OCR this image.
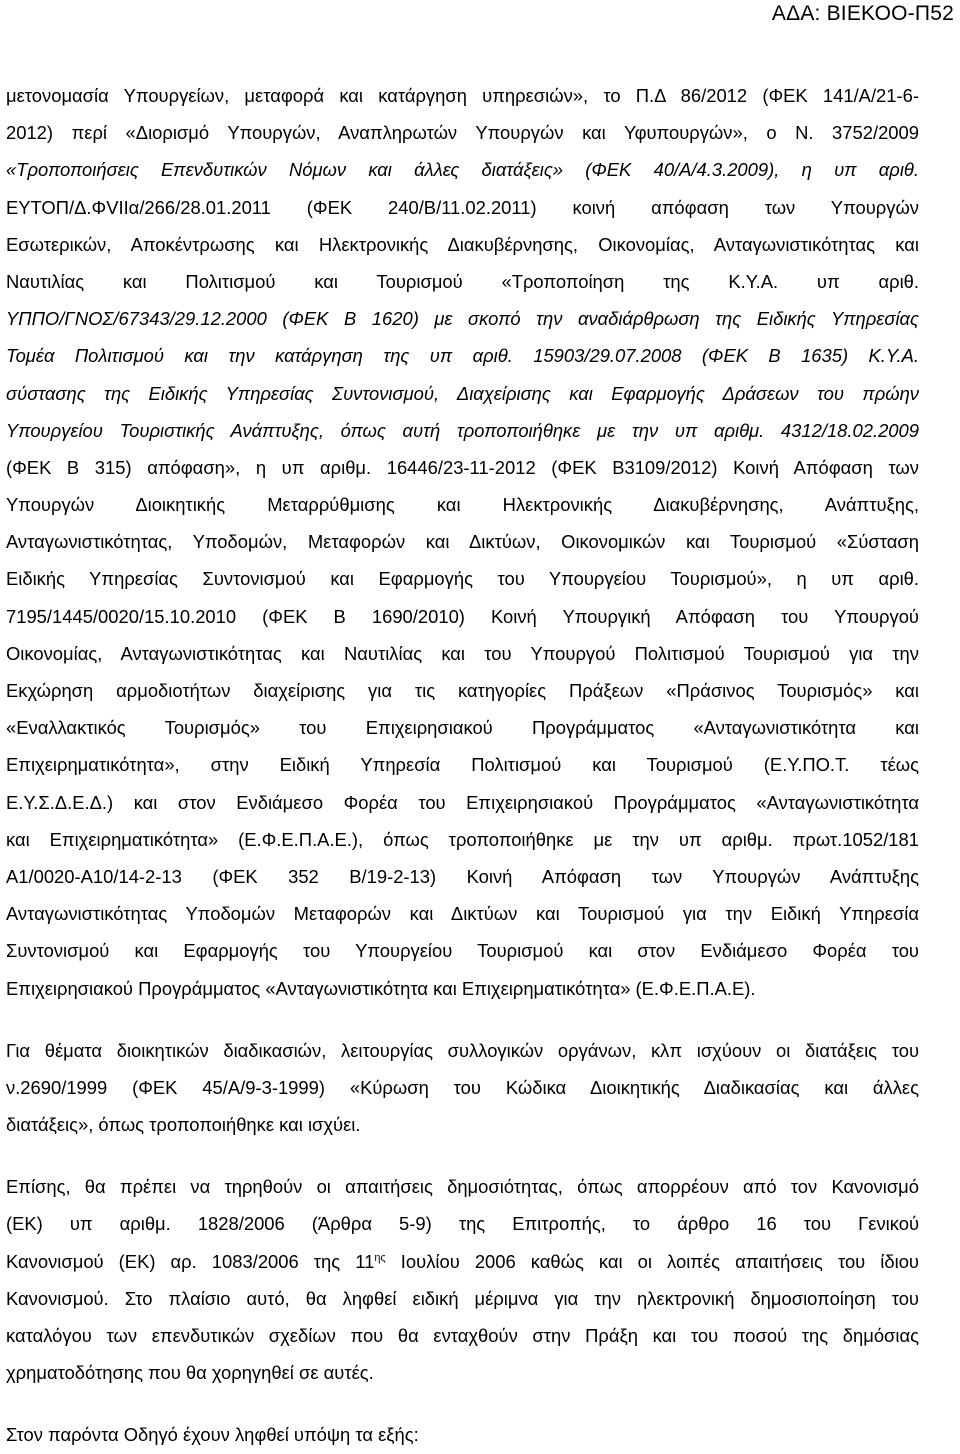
ΑΔΑ: ΒΙΕΚΟΟ-Π52
μετονομασία Υπουργείων, μεταφορά και κατάργηση υπηρεσιών», το Π.Δ 86/2012 (ΦΕΚ 141/Α/21-6-
2012) περί «Διορισμό Υπουργών, Αναπληρωτών Υπουργών και Υφυπουργών», ο Ν. 3752/2009
«Τροποποιήσεις Επενδυτικών Νόμων και άλλες διατάξεις» (ΦΕΚ 40/Α/4.3.2009), η υπ αριθ.
ΕΥΤΟΠ/Δ.ΦVIIα/266/28.01.2011 (ΦΕΚ 240/Β/11.02.2011) κοινή απόφαση των Υπουργών
Εσωτερικών, Αποκέντρωσης και Ηλεκτρονικής Διακυβέρνησης, Οικονομίας, Ανταγωνιστικότητας και
Ναυτιλίας και Πολιτισμού και Τουρισμού «Τροποποίηση της Κ.Υ.Α. υπ αριθ.
ΥΠΠΟ/ΓΝΟΣ/67343/29.12.2000 (ΦΕΚ Β 1620) με σκοπό την αναδιάρθρωση της Ειδικής Υπηρεσίας
Τομέα Πολιτισμού και την κατάργηση της υπ αριθ. 15903/29.07.2008 (ΦΕΚ Β 1635) Κ.Υ.Α.
σύστασης της Ειδικής Υπηρεσίας Συντονισμού, Διαχείρισης και Εφαρμογής Δράσεων του πρώην
Υπουργείου Τουριστικής Ανάπτυξης, όπως αυτή τροποποιήθηκε με την υπ αριθμ. 4312/18.02.2009
(ΦΕΚ Β 315) απόφαση», η υπ αριθμ. 16446/23-11-2012 (ΦΕΚ Β3109/2012) Κοινή Απόφαση των
Υπουργών Διοικητικής Μεταρρύθμισης και Ηλεκτρονικής Διακυβέρνησης, Ανάπτυξης,
Ανταγωνιστικότητας, Υποδομών, Μεταφορών και Δικτύων, Οικονομικών και Τουρισμού «Σύσταση
Ειδικής Υπηρεσίας Συντονισμού και Εφαρμογής του Υπουργείου Τουρισμού», η υπ αριθ.
7195/1445/0020/15.10.2010 (ΦΕΚ Β 1690/2010) Κοινή Υπουργική Απόφαση του Υπουργού
Οικονομίας, Ανταγωνιστικότητας και Ναυτιλίας και του Υπουργού Πολιτισμού Τουρισμού για την
Εκχώρηση αρμοδιοτήτων διαχείρισης για τις κατηγορίες Πράξεων «Πράσινος Τουρισμός» και
«Εναλλακτικός Τουρισμός» του Επιχειρησιακού Προγράμματος «Ανταγωνιστικότητα και
Επιχειρηματικότητα», στην Ειδική Υπηρεσία Πολιτισμού και Τουρισμού (Ε.Υ.ΠΟ.Τ. τέως
Ε.Υ.Σ.Δ.Ε.Δ.) και στον Ενδιάμεσο Φορέα του Επιχειρησιακού Προγράμματος «Ανταγωνιστικότητα
και Επιχειρηματικότητα» (Ε.Φ.Ε.Π.Α.Ε.), όπως τροποποιήθηκε με την υπ αριθμ. πρωτ.1052/181
Α1/0020-Α10/14-2-13 (ΦΕΚ 352 Β/19-2-13) Κοινή Απόφαση των Υπουργών Ανάπτυξης
Ανταγωνιστικότητας Υποδομών Μεταφορών και Δικτύων και Τουρισμού για την Ειδική Υπηρεσία
Συντονισμού και Εφαρμογής του Υπουργείου Τουρισμού και στον Ενδιάμεσο Φορέα του
Επιχειρησιακού Προγράμματος «Ανταγωνιστικότητα και Επιχειρηματικότητα» (Ε.Φ.Ε.Π.Α.Ε).
Για θέματα διοικητικών διαδικασιών, λειτουργίας συλλογικών οργάνων, κλπ ισχύουν οι διατάξεις του
ν.2690/1999 (ΦΕΚ 45/Α/9-3-1999) «Κύρωση του Κώδικα Διοικητικής Διαδικασίας και άλλες
διατάξεις», όπως τροποποιήθηκε και ισχύει.
Επίσης, θα πρέπει να τηρηθούν οι απαιτήσεις δημοσιότητας, όπως απορρέουν από τον Κανονισμό
(ΕΚ) υπ αριθμ. 1828/2006 (Άρθρα 5-9) της Επιτροπής, το άρθρο 16 του Γενικού
Κανονισμού (ΕΚ) αρ. 1083/2006 της $11^{\eta\varsigma}$ Ιουλίου 2006 καθώς και οι λοιπές απαιτήσεις του ίδιου
Κανονισμού. Στο πλαίσιο αυτό, θα ληφθεί ειδική μέριμνα για την ηλεκτρονική δημοσιοποίηση του
καταλόγου των επενδυτικών σχεδίων που θα ενταχθούν στην Πράξη και του ποσού της δημόσιας
χρηματοδότησης που θα χορηγηθεί σε αυτές.
Στον παρόντα Οδηγό έχουν ληφθεί υπόψη τα εξής:
